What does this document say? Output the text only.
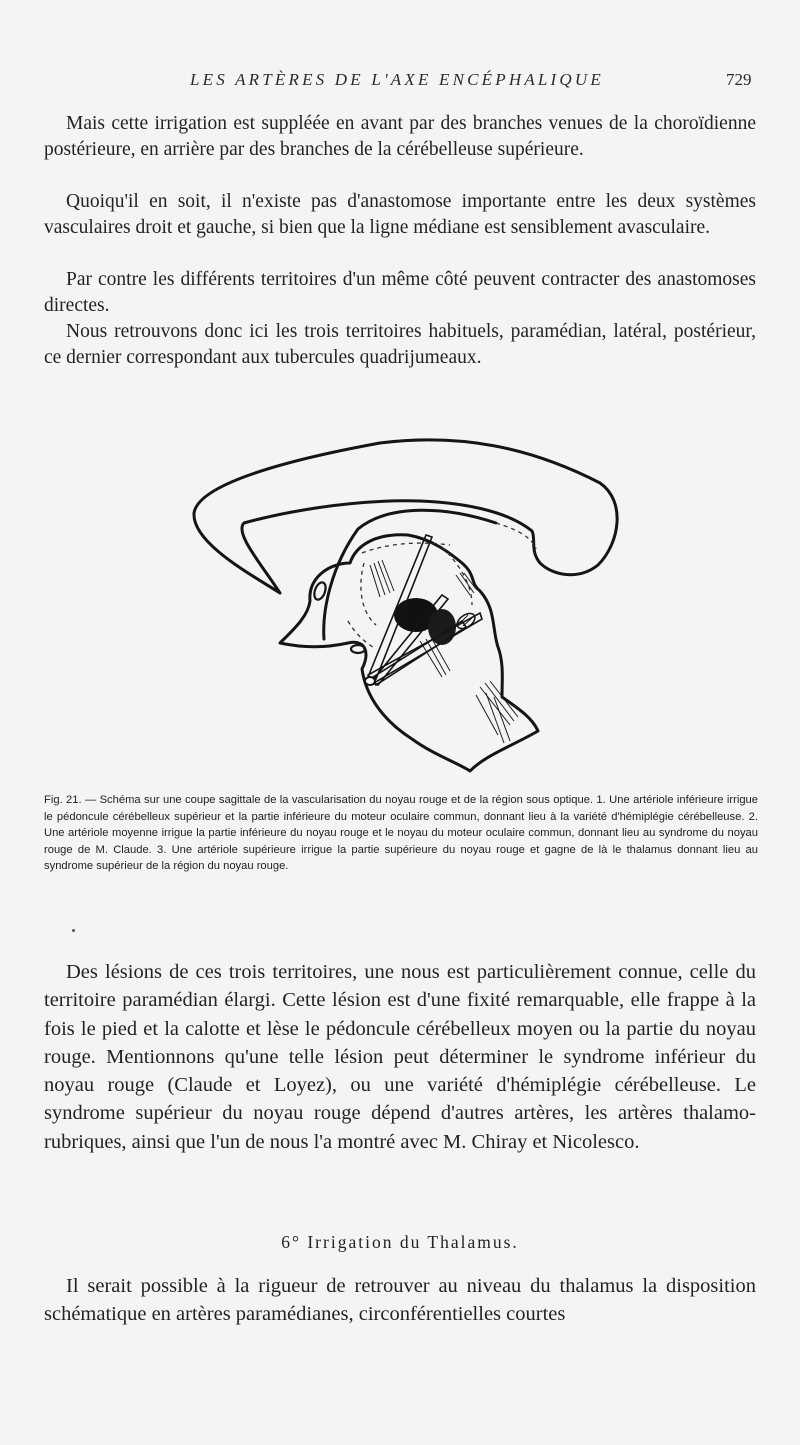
LES ARTÈRES DE L'AXE ENCÉPHALIQUE	729

Mais cette irrigation est suppléée en avant par des branches venues de la choroïdienne postérieure, en arrière par des branches de la cérébelleuse supérieure.

Quoiqu'il en soit, il n'existe pas d'anastomose importante entre les deux systèmes vasculaires droit et gauche, si bien que la ligne médiane est sensiblement avasculaire.

Par contre les différents territoires d'un même côté peuvent contracter des anastomoses directes.

Nous retrouvons donc ici les trois territoires habituels, paramédian, latéral, postérieur, ce dernier correspondant aux tubercules quadrijumeaux.

Fig. 21. — Schéma sur une coupe sagittale de la vascularisation du noyau rouge et de la région sous optique. 1. Une artériole inférieure irrigue le pédoncule cérébelleux supérieur et la partie inférieure du moteur oculaire commun, donnant lieu à la variété d'hémiplégie cérébelleuse. 2. Une artériole moyenne irrigue la partie inférieure du noyau rouge et le noyau du moteur oculaire commun, donnant lieu au syndrome du noyau rouge de M. Claude. 3. Une artériole supérieure irrigue la partie supérieure du noyau rouge et gagne de là le thalamus donnant lieu au syndrome supérieur de la région du noyau rouge.

Des lésions de ces trois territoires, une nous est particulièrement connue, celle du territoire paramédian élargi. Cette lésion est d'une fixité remarquable, elle frappe à la fois le pied et la calotte et lèse le pédoncule cérébelleux moyen ou la partie du noyau rouge. Mentionnons qu'une telle lésion peut déterminer le syndrome inférieur du noyau rouge (Claude et Loyez), ou une variété d'hémiplégie cérébelleuse. Le syndrome supérieur du noyau rouge dépend d'autres artères, les artères thalamo-rubriques, ainsi que l'un de nous l'a montré avec M. Chiray et Nicolesco.

6° Irrigation du Thalamus.

Il serait possible à la rigueur de retrouver au niveau du thalamus la disposition schématique en artères paramédianes, circonférentielles courtes
